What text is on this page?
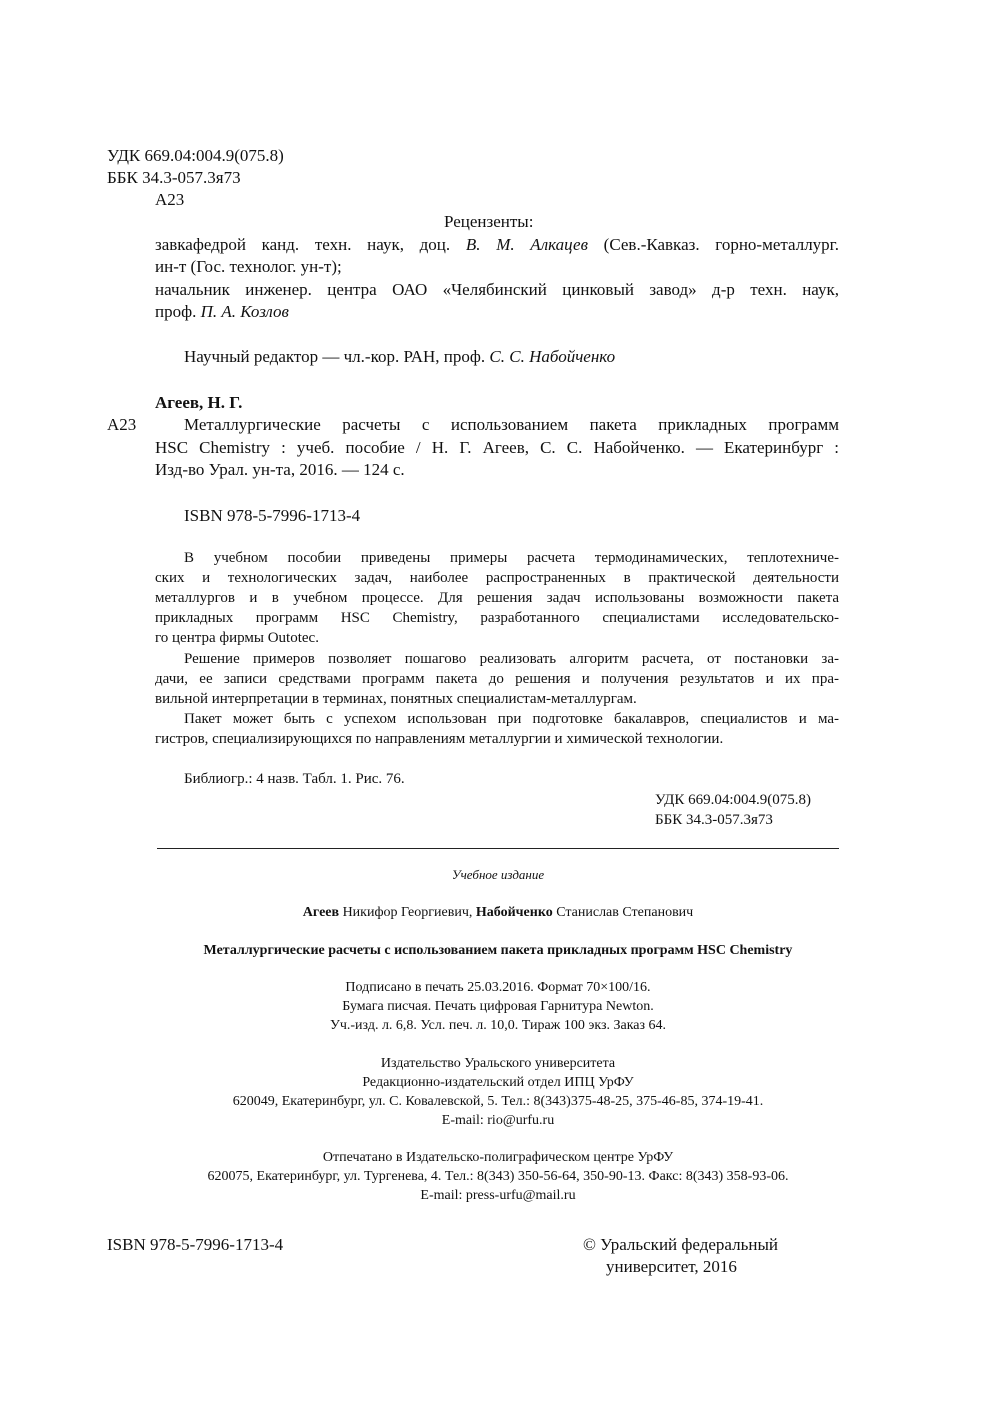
УДК 669.04:004.9(075.8)
ББК 34.3-057.3я73
А23
Рецензенты:
завкафедрой канд. техн. наук, доц. В. М. Алкацев (Сев.-Кавказ. горно-металлург.
ин-т (Гос. технолог. ун-т);
начальник инженер. центра ОАО «Челябинский цинковый завод» д-р техн. наук,
проф. П. А. Козлов
Научный редактор — чл.-кор. РАН, проф. С. С. Набойченко
Агеев, Н. Г.
А23	Металлургические расчеты с использованием пакета прикладных программ
HSC Chemistry : учеб. пособие / Н. Г. Агеев, С. С. Набойченко. — Екатеринбург :
Изд-во Урал. ун-та, 2016. — 124 с.
ISBN 978-5-7996-1713-4
В учебном пособии приведены примеры расчета термодинамических, теплотехниче-
ских и технологических задач, наиболее распространенных в практической деятельности
металлургов и в учебном процессе. Для решения задач использованы возможности пакета
прикладных программ HSC Chemistry, разработанного специалистами исследовательско-
го центра фирмы Outotec.
Решение примеров позволяет пошагово реализовать алгоритм расчета, от постановки за-
дачи, ее записи средствами программ пакета до решения и получения результатов и их пра-
вильной интерпретации в терминах, понятных специалистам-металлургам.
Пакет может быть с успехом использован при подготовке бакалавров, специалистов и ма-
гистров, специализирующихся по направлениям металлургии и химической технологии.
Библиогр.: 4 назв. Табл. 1. Рис. 76.
УДК 669.04:004.9(075.8)
ББК 34.3-057.3я73
Учебное издание
Агеев Никифор Георгиевич, Набойченко Станислав Степанович
Металлургические расчеты с использованием пакета прикладных программ HSC Chemistry
Подписано в печать 25.03.2016. Формат 70×100/16.
Бумага писчая. Печать цифровая Гарнитура Newton.
Уч.-изд. л. 6,8. Усл. печ. л. 10,0. Тираж 100 экз. Заказ 64.
Издательство Уральского университета
Редакционно-издательский отдел ИПЦ УрФУ
620049, Екатеринбург, ул. С. Ковалевской, 5. Тел.: 8(343)375-48-25, 375-46-85, 374-19-41.
E-mail: rio@urfu.ru
Отпечатано в Издательско-полиграфическом центре УрФУ
620075, Екатеринбург, ул. Тургенева, 4. Тел.: 8(343) 350-56-64, 350-90-13. Факс: 8(343) 358-93-06.
E-mail: press-urfu@mail.ru
ISBN 978-5-7996-1713-4	© Уральский федеральный
университет, 2016
